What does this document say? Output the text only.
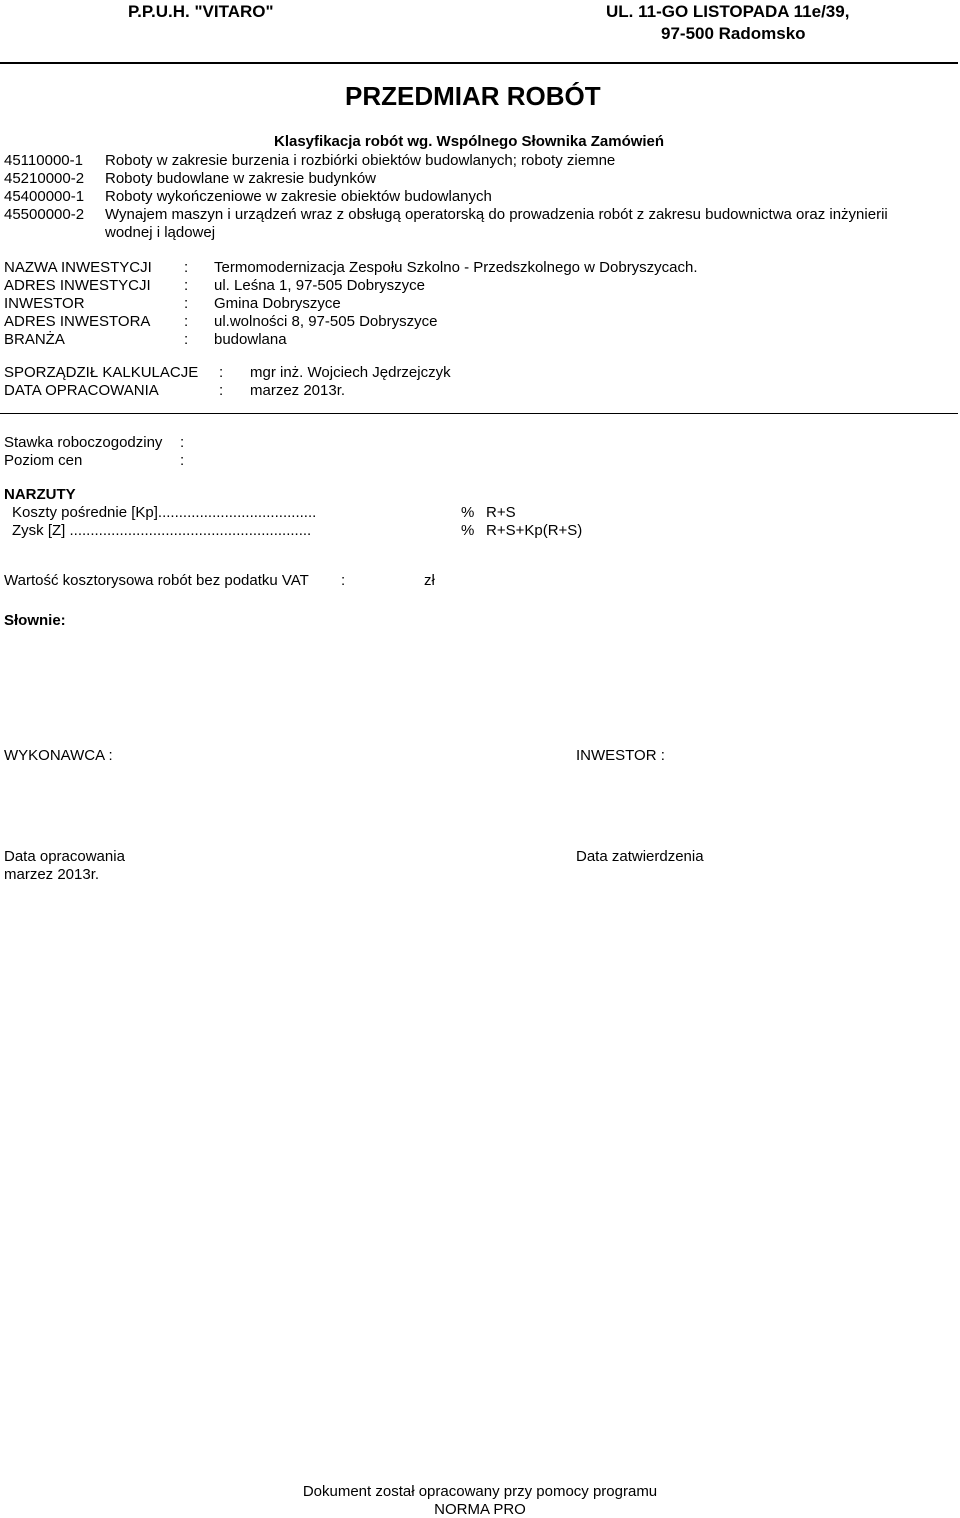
P.P.U.H. "VITARO"	UL. 11-GO LISTOPADA 11e/39,
97-500 Radomsko
PRZEDMIAR ROBÓT
Klasyfikacja robót wg. Wspólnego Słownika Zamówień
45110000-1 Roboty w zakresie burzenia i rozbiórki obiektów budowlanych; roboty ziemne
45210000-2 Roboty budowlane w zakresie budynków
45400000-1 Roboty wykończeniowe w zakresie obiektów budowlanych
45500000-2 Wynajem maszyn i urządzeń wraz z obsługą operatorską do prowadzenia robót z zakresu budownictwa oraz inżynierii
wodnej i lądowej
NAZWA INWESTYCJI : Termomodernizacja Zespołu Szkolno - Przedszkolnego w Dobryszycach.
ADRES INWESTYCJI : ul. Leśna 1, 97-505 Dobryszyce
INWESTOR	: Gmina Dobryszyce
ADRES INWESTORA : ul.wolności 8, 97-505 Dobryszyce
BRANŻA	: budowlana
SPORZĄDZIŁ KALKULACJE : mgr inż. Wojciech Jędrzejczyk
DATA OPRACOWANIA	: marzez 2013r.
Stawka roboczogodziny :
Poziom cen	:
NARZUTY
Koszty pośrednie [Kp]......................................	% R+S
Zysk [Z] ..........................................................	% R+S+Kp(R+S)
Wartość kosztorysowa robót bez podatku VAT :	zł
Słownie:
WYKONAWCA :	INWESTOR :
Data opracowania
marzez 2013r.
Data zatwierdzenia
Dokument został opracowany przy pomocy programu
NORMA PRO
